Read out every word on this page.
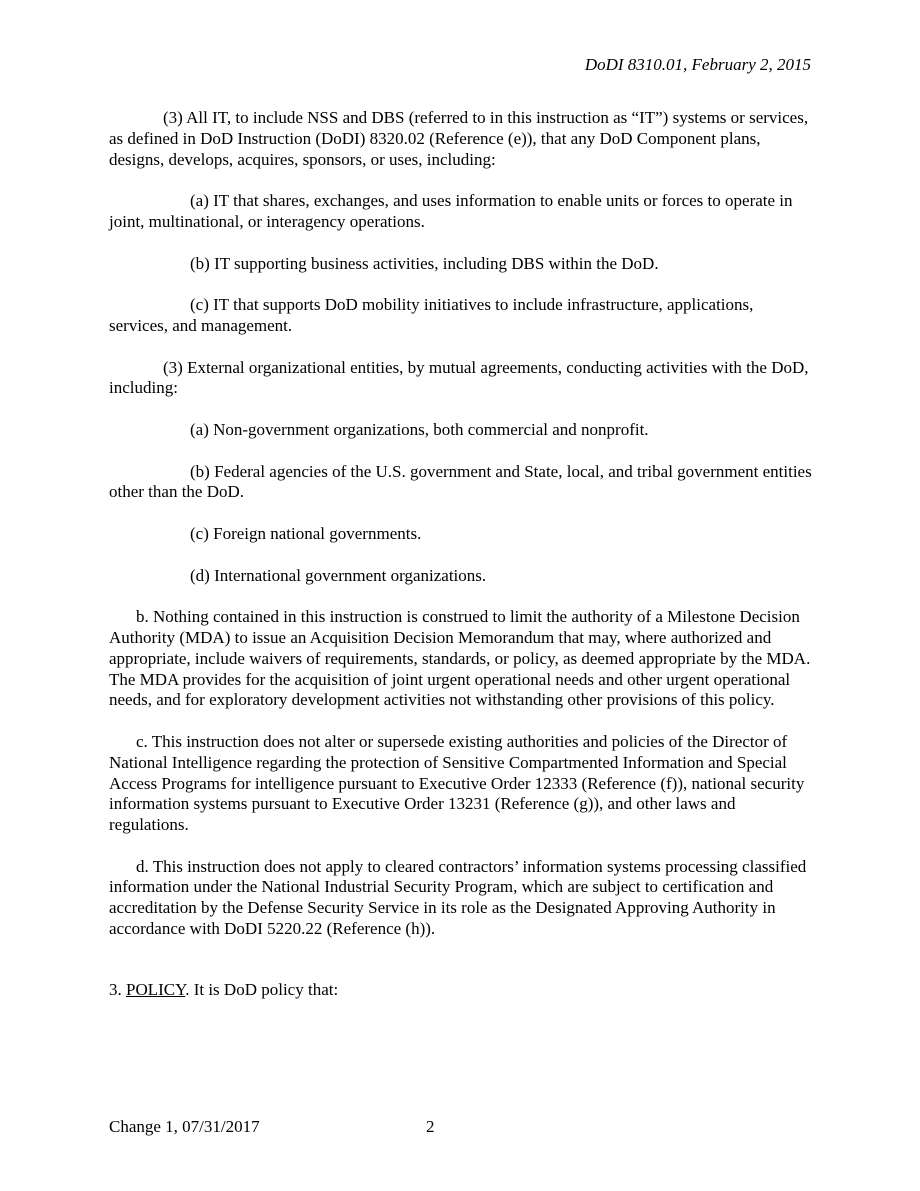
DoDI 8310.01, February 2, 2015

(3) All IT, to include NSS and DBS (referred to in this instruction as “IT”) systems or services, as defined in DoD Instruction (DoDI) 8320.02 (Reference (e)), that any DoD Component plans, designs, develops, acquires, sponsors, or uses, including:

(a) IT that shares, exchanges, and uses information to enable units or forces to operate in joint, multinational, or interagency operations.

(b) IT supporting business activities, including DBS within the DoD.

(c) IT that supports DoD mobility initiatives to include infrastructure, applications, services, and management.

(3) External organizational entities, by mutual agreements, conducting activities with the DoD, including:

(a) Non-government organizations, both commercial and nonprofit.

(b) Federal agencies of the U.S. government and State, local, and tribal government entities other than the DoD.

(c) Foreign national governments.

(d) International government organizations.

b. Nothing contained in this instruction is construed to limit the authority of a Milestone Decision Authority (MDA) to issue an Acquisition Decision Memorandum that may, where authorized and appropriate, include waivers of requirements, standards, or policy, as deemed appropriate by the MDA. The MDA provides for the acquisition of joint urgent operational needs and other urgent operational needs, and for exploratory development activities not withstanding other provisions of this policy.

c. This instruction does not alter or supersede existing authorities and policies of the Director of National Intelligence regarding the protection of Sensitive Compartmented Information and Special Access Programs for intelligence pursuant to Executive Order 12333 (Reference (f)), national security information systems pursuant to Executive Order 13231 (Reference (g)), and other laws and regulations.

d. This instruction does not apply to cleared contractors’ information systems processing classified information under the National Industrial Security Program, which are subject to certification and accreditation by the Defense Security Service in its role as the Designated Approving Authority in accordance with DoDI 5220.22 (Reference (h)).

3. POLICY. It is DoD policy that:

Change 1, 07/31/2017	2
